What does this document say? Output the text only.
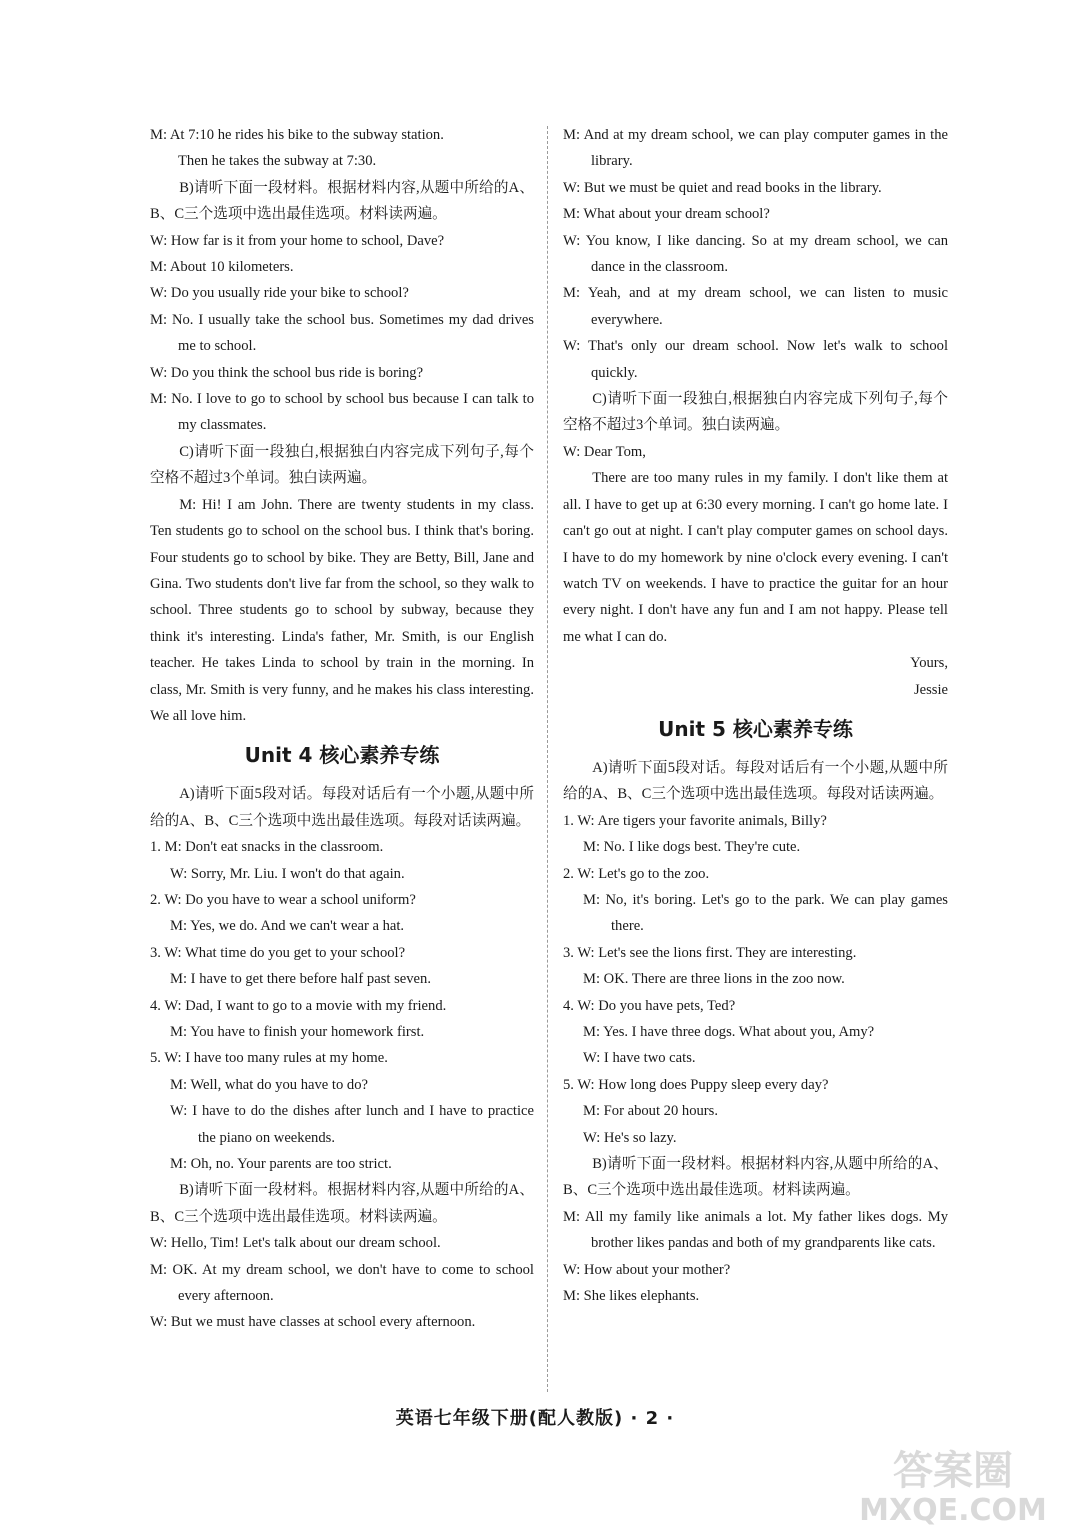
M: At 7:10 he rides his bike to the subway station.

Then he takes the subway at 7:30.

B)请听下面一段材料。根据材料内容,从题中所给的A、B、C三个选项中选出最佳选项。材料读两遍。

W: How far is it from your home to school, Dave?

M: About 10 kilometers.

W: Do you usually ride your bike to school?

M: No. I usually take the school bus. Sometimes my dad drives me to school.

W: Do you think the school bus ride is boring?

M: No. I love to go to school by school bus because I can talk to my classmates.

C)请听下面一段独白,根据独白内容完成下列句子,每个空格不超过3个单词。独白读两遍。

M: Hi! I am John. There are twenty students in my class. Ten students go to school on the school bus. I think that's boring. Four students go to school by bike. They are Betty, Bill, Jane and Gina. Two students don't live far from the school, so they walk to school. Three students go to school by subway, because they think it's interesting. Linda's father, Mr. Smith, is our English teacher. He takes Linda to school by train in the morning. In class, Mr. Smith is very funny, and he makes his class interesting. We all love him.

Unit 4 核心素养专练

A)请听下面5段对话。每段对话后有一个小题,从题中所给的A、B、C三个选项中选出最佳选项。每段对话读两遍。

1. M: Don't eat snacks in the classroom.

W: Sorry, Mr. Liu. I won't do that again.

2. W: Do you have to wear a school uniform?

M: Yes, we do. And we can't wear a hat.

3. W: What time do you get to your school?

M: I have to get there before half past seven.

4. W: Dad, I want to go to a movie with my friend.

M: You have to finish your homework first.

5. W: I have too many rules at my home.

M: Well, what do you have to do?

W: I have to do the dishes after lunch and I have to practice the piano on weekends.

M: Oh, no. Your parents are too strict.

B)请听下面一段材料。根据材料内容,从题中所给的A、B、C三个选项中选出最佳选项。材料读两遍。

W: Hello, Tim! Let's talk about our dream school.

M: OK. At my dream school, we don't have to come to school every afternoon.

W: But we must have classes at school every afternoon.

M: And at my dream school, we can play computer games in the library.

W: But we must be quiet and read books in the library.

M: What about your dream school?

W: You know, I like dancing. So at my dream school, we can dance in the classroom.

M: Yeah, and at my dream school, we can listen to music everywhere.

W: That's only our dream school. Now let's walk to school quickly.

C)请听下面一段独白,根据独白内容完成下列句子,每个空格不超过3个单词。独白读两遍。

W: Dear Tom,

There are too many rules in my family. I don't like them at all. I have to get up at 6:30 every morning. I can't go home late. I can't go out at night. I can't play computer games on school days. I have to do my homework by nine o'clock every evening. I can't watch TV on weekends. I have to practice the guitar for an hour every night. I don't have any fun and I am not happy. Please tell me what I can do.

Yours,

Jessie

Unit 5 核心素养专练

A)请听下面5段对话。每段对话后有一个小题,从题中所给的A、B、C三个选项中选出最佳选项。每段对话读两遍。

1. W: Are tigers your favorite animals, Billy?

M: No. I like dogs best. They're cute.

2. W: Let's go to the zoo.

M: No, it's boring. Let's go to the park. We can play games there.

3. W: Let's see the lions first. They are interesting.

M: OK. There are three lions in the zoo now.

4. W: Do you have pets, Ted?

M: Yes. I have three dogs. What about you, Amy?

W: I have two cats.

5. W: How long does Puppy sleep every day?

M: For about 20 hours.

W: He's so lazy.

B)请听下面一段材料。根据材料内容,从题中所给的A、B、C三个选项中选出最佳选项。材料读两遍。

M: All my family like animals a lot. My father likes dogs. My brother likes pandas and both of my grandparents like cats.

W: How about your mother?

M: She likes elephants.

英语七年级下册(配人教版) · 2 ·
答案圈
MXQE.COM
